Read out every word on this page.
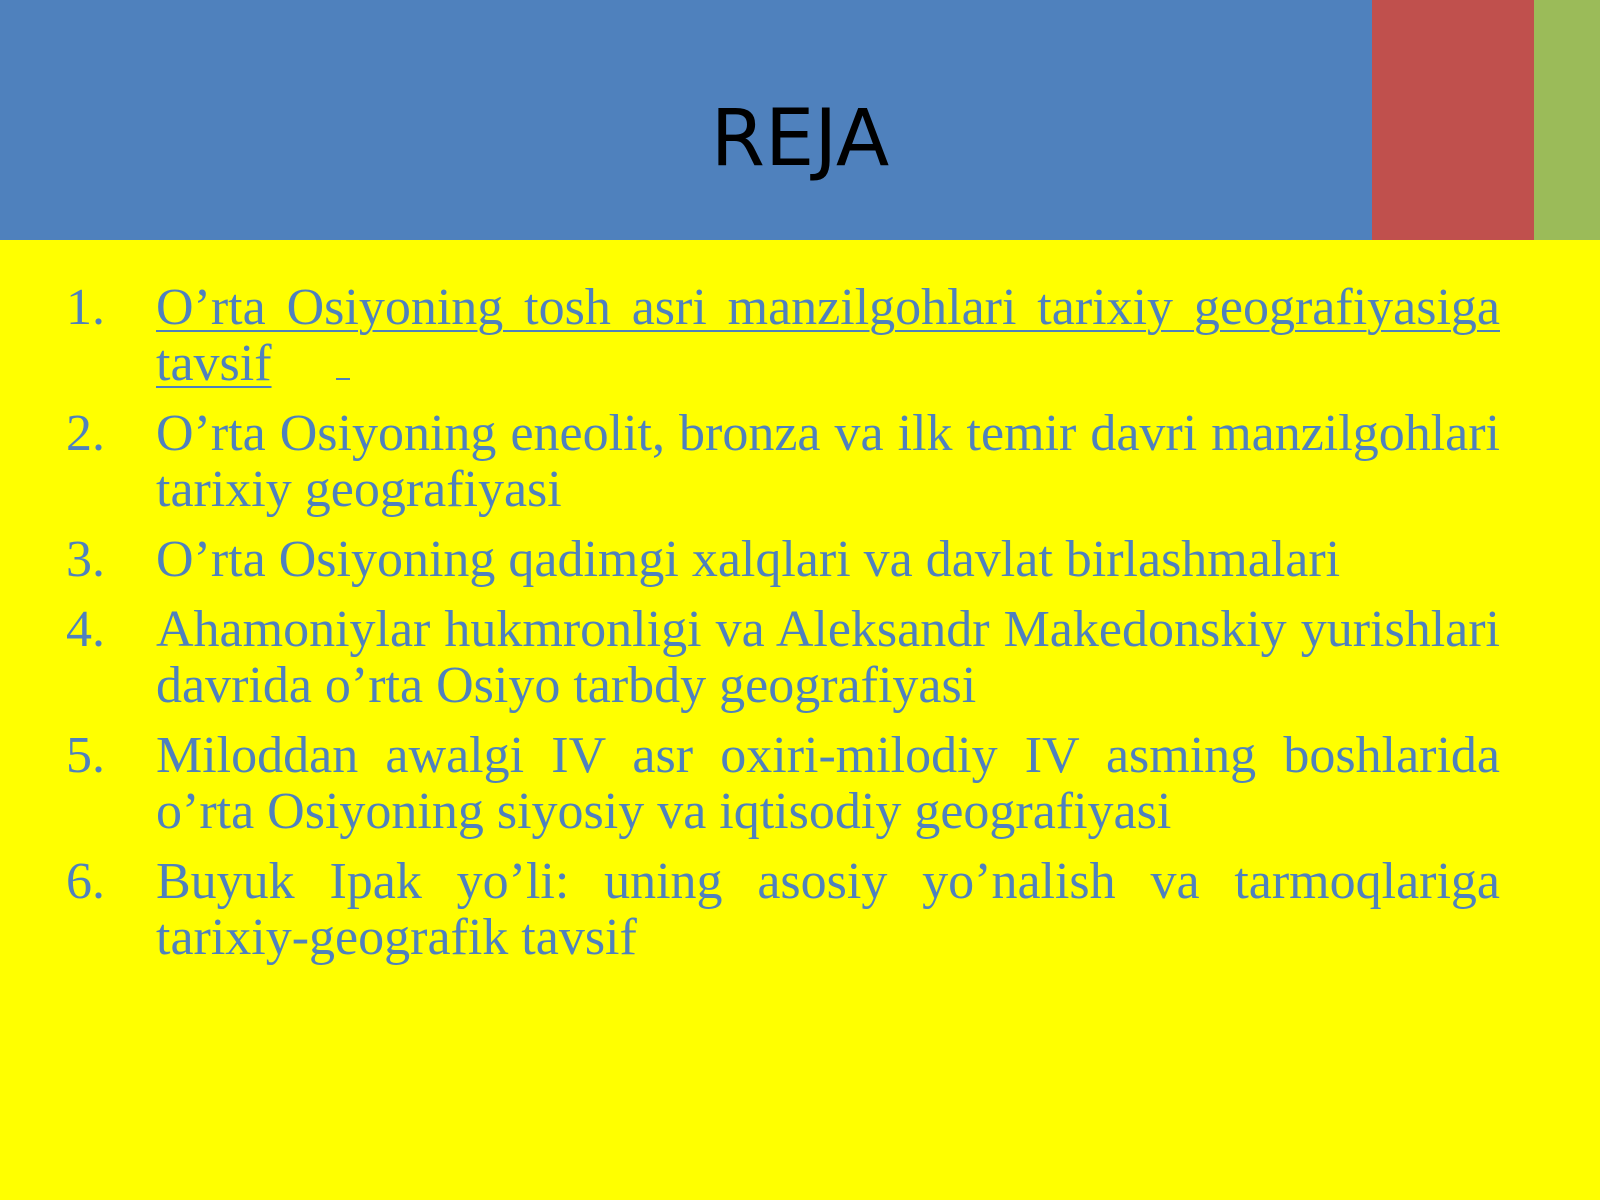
REJA
1. O’rta Osiyoning tosh asri manzilgohlari tarixiy geografiyasiga tavsif
2. O’rta Osiyoning eneolit, bronza va ilk temir davri manzilgohlari tarixiy geografiyasi
3. O’rta Osiyoning qadimgi xalqlari va davlat birlashmalari
4. Ahamoniylar hukmronligi va Aleksandr Makedonskiy yurishlari davrida o’rta Osiyo tarbdy geografiyasi
5. Miloddan awalgi IV asr oxiri-milodiy IV asming boshlarida o’rta Osiyoning siyosiy va iqtisodiy geografiyasi
6. Buyuk Ipak yo’li: uning asosiy yo’nalish va tarmoqlariga tarixiy-geografik tavsif
